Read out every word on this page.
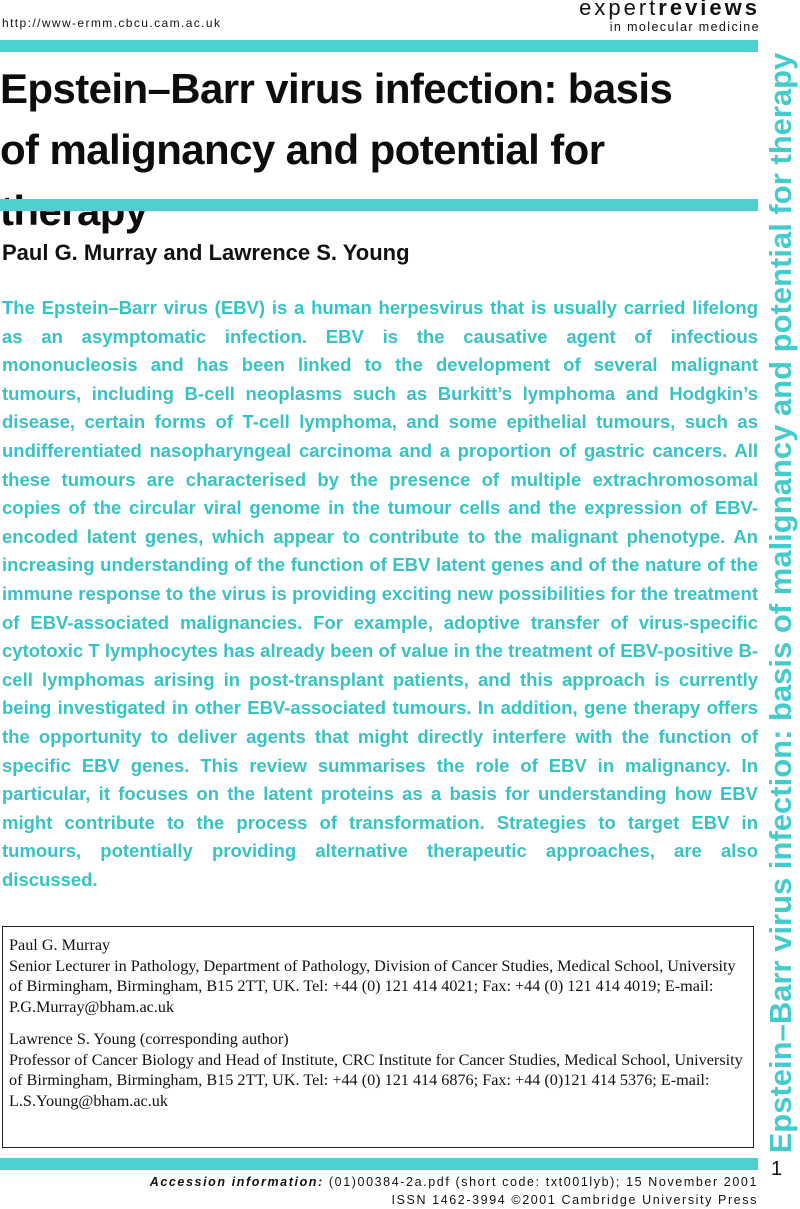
http://www-ermm.cbcu.cam.ac.uk
expertreviews
in molecular medicine
Epstein–Barr virus infection: basis
of malignancy and potential for
Paul G. Murray and Lawrence S. Young

The Epstein–Barr virus (EBV) is a human herpesvirus that is usually carried lifelong as an asymptomatic infection. EBV is the causative agent of infectious mononucleosis and has been linked to the development of several malignant tumours, including B-cell neoplasms such as Burkitt’s lymphoma and Hodgkin’s disease, certain forms of T-cell lymphoma, and some epithelial tumours, such as undifferentiated nasopharyngeal carcinoma and a proportion of gastric cancers. All these tumours are characterised by the presence of multiple extrachromosomal copies of the circular viral genome in the tumour cells and the expression of EBV-encoded latent genes, which appear to contribute to the malignant phenotype. An increasing understanding of the function of EBV latent genes and of the nature of the immune response to the virus is providing exciting new possibilities for the treatment of EBV-associated malignancies. For example, adoptive transfer of virus-specific cytotoxic T lymphocytes has already been of value in the treatment of EBV-positive B-cell lymphomas arising in post-transplant patients, and this approach is currently being investigated in other EBV-associated tumours. In addition, gene therapy offers the opportunity to deliver agents that might directly interfere with the function of specific EBV genes. This review summarises the role of EBV in malignancy. In particular, it focuses on the latent proteins as a basis for understanding how EBV might contribute to the process of transformation. Strategies to target EBV in tumours, potentially providing alternative therapeutic approaches, are also discussed.	Epstein–Barr virus infection: basis of malignancy and potential for therapy
Paul G. Murray
Senior Lecturer in Pathology, Department of Pathology, Division of Cancer Studies, Medical School, University of Birmingham, Birmingham, B15 2TT, UK. Tel: +44 (0) 121 414 4021; Fax: +44 (0) 121 414 4019; E-mail: P.G.Murray@bham.ac.uk
Lawrence S. Young (corresponding author)
Professor of Cancer Biology and Head of Institute, CRC Institute for Cancer Studies, Medical School, University of Birmingham, Birmingham, B15 2TT, UK. Tel: +44 (0) 121 414 6876; Fax: +44 (0)121 414 5376; E-mail: L.S.Young@bham.ac.uk
1
Accession information: (01)00384-2a.pdf (short code: txt001lyb); 15 November 2001
ISSN 1462-3994 ©2001 Cambridge University Press
